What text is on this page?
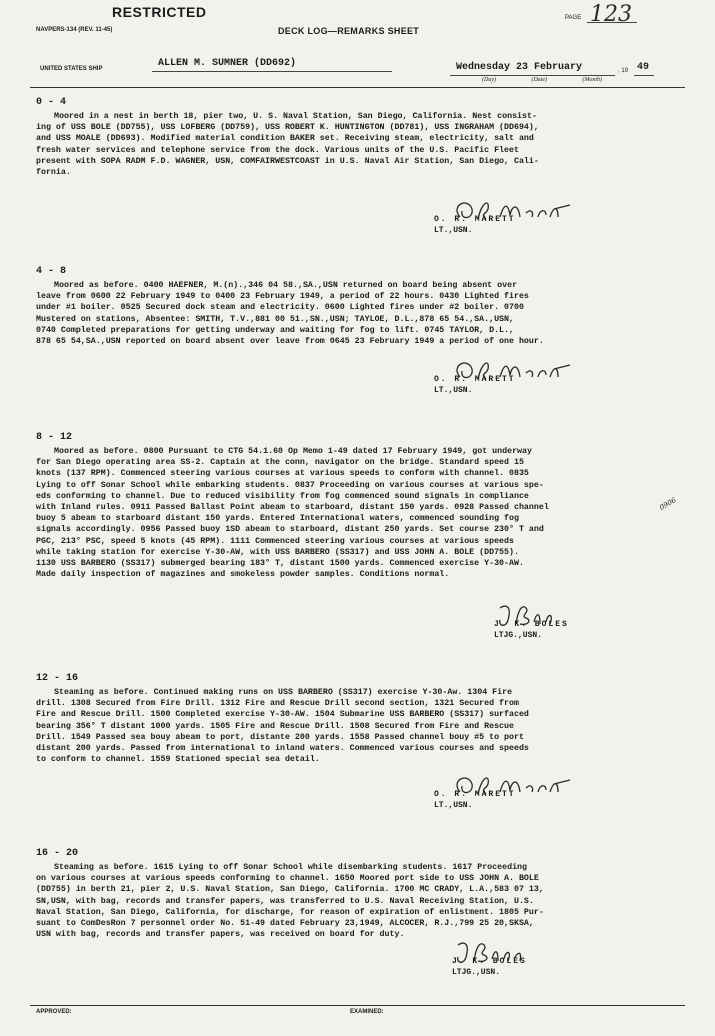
RESTRICTED
NAVPERS-134 (REV. 11-45)	DECK LOG—REMARKS SHEET
PAGE 123
UNITED STATES SHIP	ALLEN M. SUMNER (DD692)	Wednesday 23 February
(Day)	(Date)	(Month)
, 19 49
0 - 4
Moored in a nest in berth 18, pier two, U. S. Naval Station, San Diego, California. Nest consist-
ing of USS BOLE (DD755), USS LOFBERG (DD759), USS ROBERT K. HUNTINGTON (DD781), USS INGRAHAM (DD694),
and USS MOALE (DD693). Modified material condition BAKER set. Receiving steam, electricity, salt and
fresh water services and telephone service from the dock. Various units of the U.S. Pacific Fleet
present with SOPA RADM F.D. WAGNER, USN, COMFAIRWESTCOAST in U.S. Naval Air Station, San Diego, Cali-
fornia.
O. R. MARETT
LT.,USN.
4 - 8
Moored as before. 0400 HAEFNER, M.(n).,346 04 58.,SA.,USN returned on board being absent over
leave from 0600 22 February 1949 to 0400 23 February 1949, a period of 22 hours. 0430 Lighted fires
under #1 boiler. 0525 Secured dock steam and electricity. 0600 Lighted fires under #2 boiler. 0700
Mustered on stations, Absentee: SMITH, T.V.,881 00 51.,SN.,USN; TAYLOE, D.L.,878 65 54.,SA.,USN,
0740 Completed preparations for getting underway and waiting for fog to lift. 0745 TAYLOR, D.L.,
878 65 54,SA.,USN reported on board absent over leave from 0645 23 February 1949 a period of one hour.
O. R. MARETT
LT.,USN.
8 - 12
Moored as before. 0800 Pursuant to CTG 54.1.60 Op Memo 1-49 dated 17 February 1949, got underway
for San Diego operating area SS-2. Captain at the conn, navigator on the bridge. Standard speed 15
knots (137 RPM). Commenced steering various courses at various speeds to conform with channel. 0835
Lying to off Sonar School while embarking students. 0837 Proceeding on various courses at various spe-
eds conforming to channel. Due to reduced visibility from fog commenced sound signals in compliance
with Inland rules. 0911 Passed Ballast Point abeam to starboard, distant 150 yards. 0928 Passed channel
buoy 5 abeam to starboard distant 150 yards. Entered International waters, commenced sounding fog
signals accordingly. 0956 Passed buoy 1SD abeam to starboard, distant 250 yards. Set course 230° T and
PGC, 213° PSC, speed 5 knots (45 RPM). 1111 Commenced steering various courses at various speeds
while taking station for exercise Y-30-AW, with USS BARBERO (SS317) and USS JOHN A. BOLE (DD755).
1130 USS BARBERO (SS317) submerged bearing 183° T, distant 1500 yards. Commenced exercise Y-30-AW.
Made daily inspection of magazines and smokeless powder samples. Conditions normal.
0906
J. K. BOLES
LTJG.,USN.
12 - 16
Steaming as before. Continued making runs on USS BARBERO (SS317) exercise Y-30-Aw. 1304 Fire
drill. 1308 Secured from Fire Drill. 1312 Fire and Rescue Drill second section, 1321 Secured from
Fire and Rescue Drill. 1500 Completed exercise Y-30-AW. 1504 Submarine USS BARBERO (SS317) surfaced
bearing 356° T distant 1000 yards. 1505 Fire and Rescue Drill. 1508 Secured from Fire and Rescue
Drill. 1549 Passed sea bouy abeam to port, distante 200 yards. 1558 Passed channel bouy #5 to port
distant 200 yards. Passed from international to inland waters. Commenced various courses and speeds
to conform to channel. 1559 Stationed special sea detail.
O. R. MARETT
LT.,USN.
16 - 20
Steaming as before. 1615 Lying to off Sonar School while disembarking students. 1617 Proceeding
on various courses at various speeds conforming to channel. 1650 Moored port side to USS JOHN A. BOLE
(DD755) in berth 21, pier 2, U.S. Naval Station, San Diego, California. 1700 MC CRADY, L.A.,583 07 13,
SN,USN, with bag, records and transfer papers, was transferred to U.S. Naval Receiving Station, U.S.
Naval Station, San Diego, California, for discharge, for reason of expiration of enlistment. 1805 Pur-
suant to ComDesRon 7 personnel order No. 51-49 dated February 23,1949, ALCOCER, R.J.,799 25 20,SKSA,
USN with bag, records and transfer papers, was received on board for duty.
J. K. BOLES
LTJG.,USN.
APPROVED:	EXAMINED:
